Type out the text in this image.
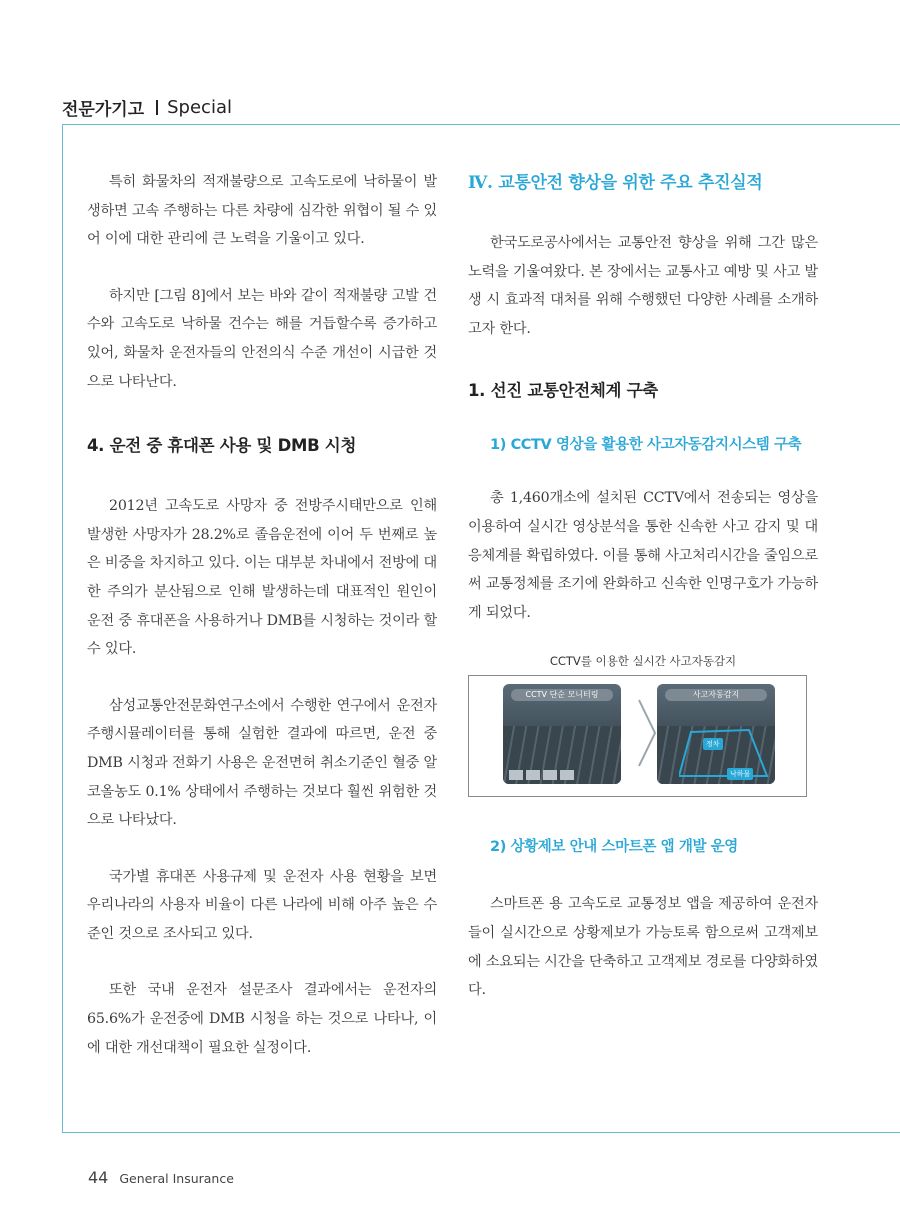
전문가기고 Special

특히 화물차의 적재불량으로 고속도로에 낙하물이 발생하면 고속 주행하는 다른 차량에 심각한 위협이 될 수 있어 이에 대한 관리에 큰 노력을 기울이고 있다.

하지만 [그림 8]에서 보는 바와 같이 적재불량 고발 건수와 고속도로 낙하물 건수는 해를 거듭할수록 증가하고 있어, 화물차 운전자들의 안전의식 수준 개선이 시급한 것으로 나타난다.

4. 운전 중 휴대폰 사용 및 DMB 시청

2012년 고속도로 사망자 중 전방주시태만으로 인해 발생한 사망자가 28.2%로 졸음운전에 이어 두 번째로 높은 비중을 차지하고 있다. 이는 대부분 차내에서 전방에 대한 주의가 분산됨으로 인해 발생하는데 대표적인 원인이 운전 중 휴대폰을 사용하거나 DMB를 시청하는 것이라 할 수 있다.

삼성교통안전문화연구소에서 수행한 연구에서 운전자 주행시뮬레이터를 통해 실험한 결과에 따르면, 운전 중 DMB 시청과 전화기 사용은 운전면허 취소기준인 혈중 알코올농도 0.1% 상태에서 주행하는 것보다 훨씬 위험한 것으로 나타났다.

국가별 휴대폰 사용규제 및 운전자 사용 현황을 보면 우리나라의 사용자 비율이 다른 나라에 비해 아주 높은 수준인 것으로 조사되고 있다.

또한 국내 운전자 설문조사 결과에서는 운전자의 65.6%가 운전중에 DMB 시청을 하는 것으로 나타나, 이에 대한 개선대책이 필요한 실정이다.

Ⅳ. 교통안전 향상을 위한 주요 추진실적

한국도로공사에서는 교통안전 향상을 위해 그간 많은 노력을 기울여왔다. 본 장에서는 교통사고 예방 및 사고 발생 시 효과적 대처를 위해 수행했던 다양한 사례를 소개하고자 한다.

1. 선진 교통안전체계 구축
1) CCTV 영상을 활용한 사고자동감지시스템 구축

총 1,460개소에 설치된 CCTV에서 전송되는 영상을 이용하여 실시간 영상분석을 통한 신속한 사고 감지 및 대응체계를 확립하였다. 이를 통해 사고처리시간을 줄임으로써 교통정체를 조기에 완화하고 신속한 인명구호가 가능하게 되었다.

CCTV를 이용한 실시간 사고자동감지
CCTV 단순 모니터링	사고자동감지
정차
낙하물
2) 상황제보 안내 스마트폰 앱 개발 운영

스마트폰 용 고속도로 교통정보 앱을 제공하여 운전자들이 실시간으로 상황제보가 가능토록 함으로써 고객제보에 소요되는 시간을 단축하고 고객제보 경로를 다양화하였다.

44 General Insurance
